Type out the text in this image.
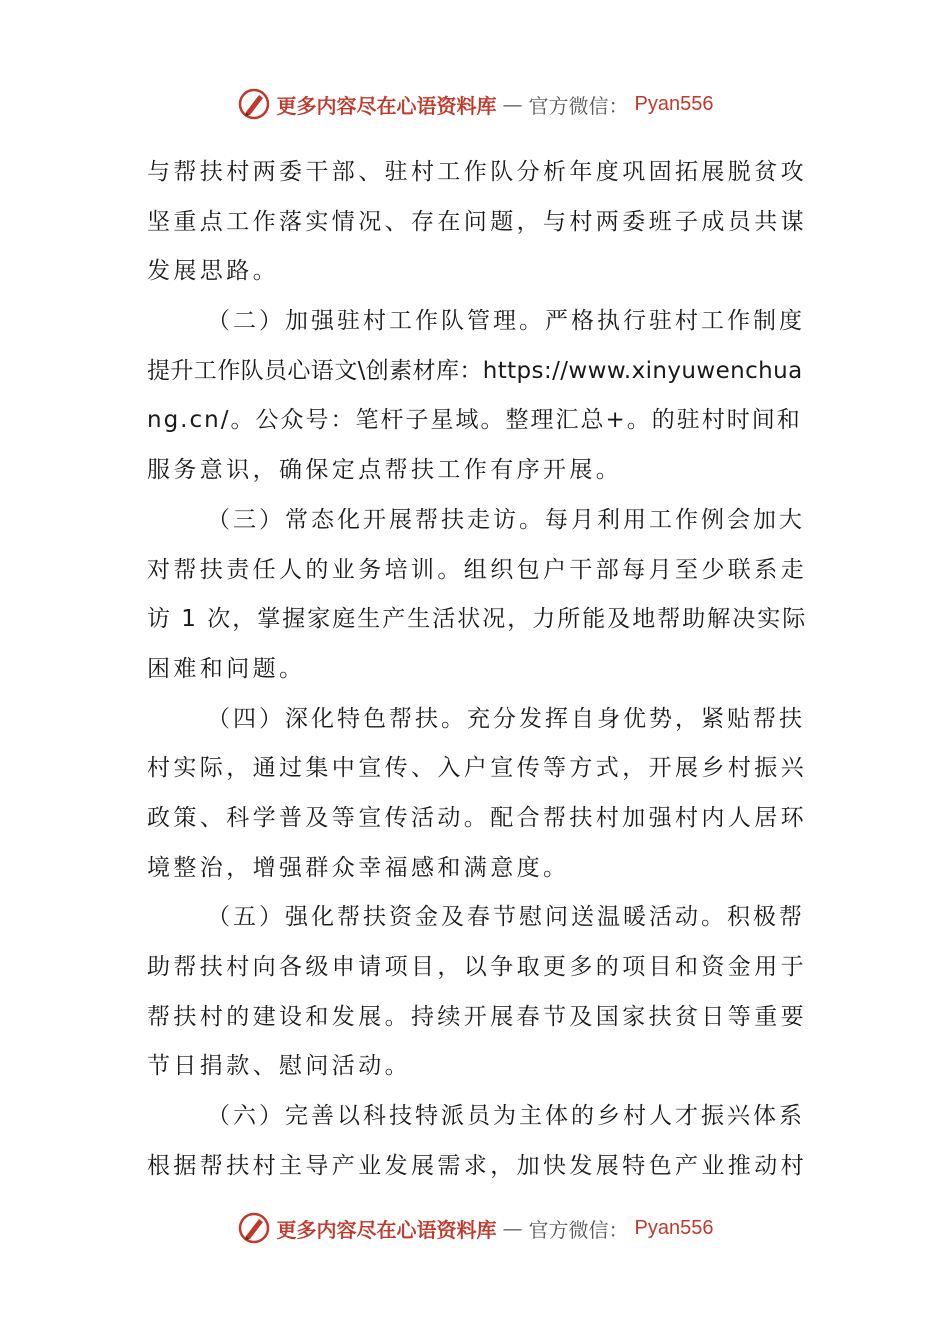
更多内容尽在心语资料库 — 官方微信： Pyan556
与帮扶村两委干部、驻村工作队分析年度巩固拓展脱贫攻
坚重点工作落实情况、存在问题，与村两委班子成员共谋
发展思路。
（二）加强驻村工作队管理。严格执行驻村工作制度
提升工作队员心语文\创素材库：https://www.xinyuwenchua
ng.cn/。公众号：笔杆子星域。整理汇总+。的驻村时间和
服务意识，确保定点帮扶工作有序开展。
（三）常态化开展帮扶走访。每月利用工作例会加大
对帮扶责任人的业务培训。组织包户干部每月至少联系走
访 1 次，掌握家庭生产生活状况，力所能及地帮助解决实际
困难和问题。
（四）深化特色帮扶。充分发挥自身优势，紧贴帮扶
村实际，通过集中宣传、入户宣传等方式，开展乡村振兴
政策、科学普及等宣传活动。配合帮扶村加强村内人居环
境整治，增强群众幸福感和满意度。
（五）强化帮扶资金及春节慰问送温暖活动。积极帮
助帮扶村向各级申请项目，以争取更多的项目和资金用于
帮扶村的建设和发展。持续开展春节及国家扶贫日等重要
节日捐款、慰问活动。
（六）完善以科技特派员为主体的乡村人才振兴体系
根据帮扶村主导产业发展需求，加快发展特色产业推动村
更多内容尽在心语资料库 — 官方微信： Pyan556
